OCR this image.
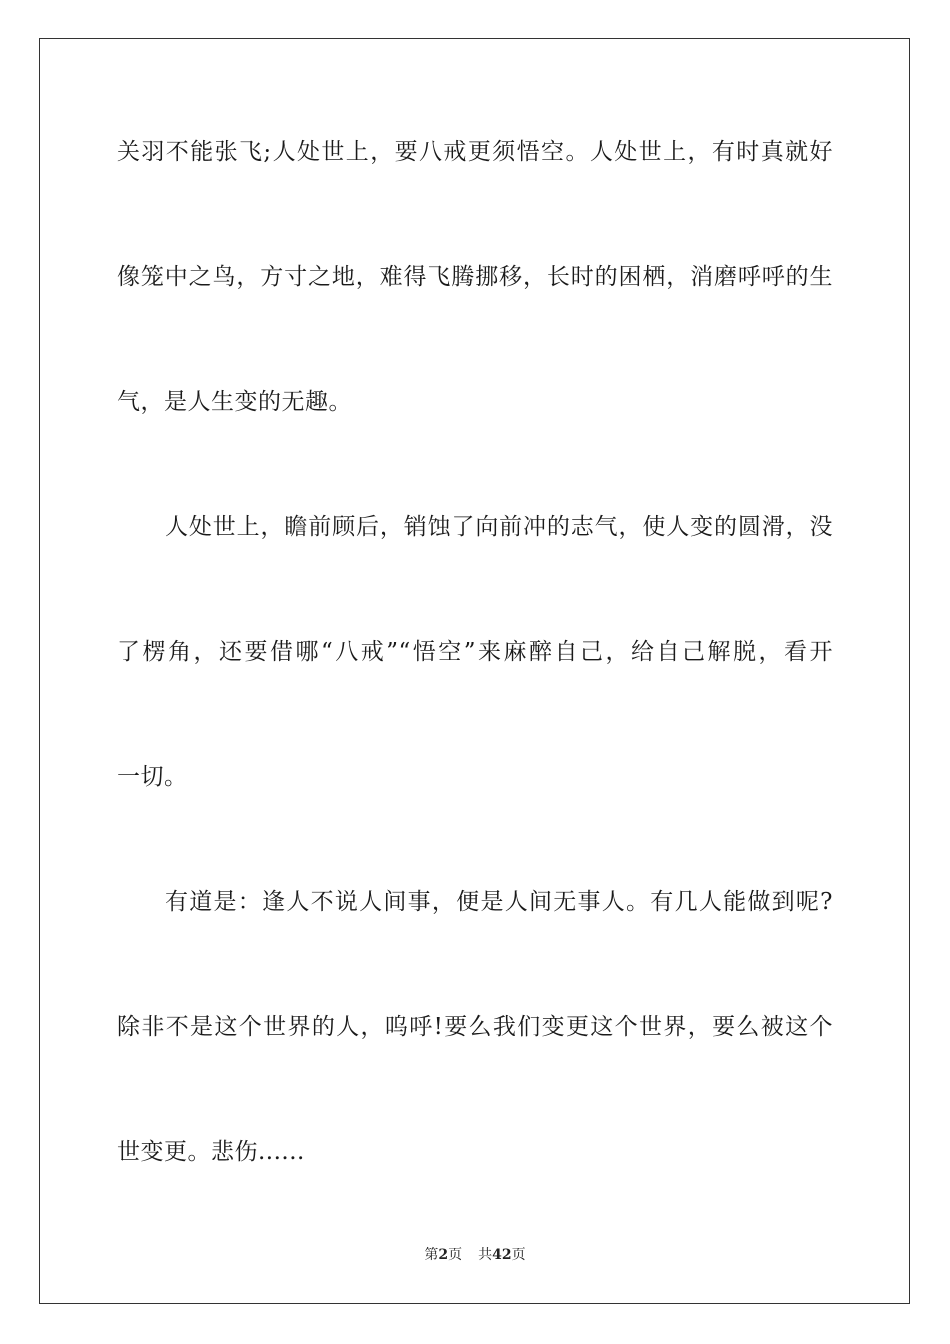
关羽不能张飞;人处世上，要八戒更须悟空。人处世上，有时真就好
像笼中之鸟，方寸之地，难得飞腾挪移，长时的困栖，消磨呼呼的生
气，是人生变的无趣。
人处世上，瞻前顾后，销蚀了向前冲的志气，使人变的圆滑，没
了楞角，还要借哪“八戒”“悟空”来麻醉自己，给自己解脱，看开
一切。
有道是：逢人不说人间事，便是人间无事人。有几人能做到呢?
除非不是这个世界的人，呜呼!要么我们变更这个世界，要么被这个
世变更。悲伤......
第2页 共42页
